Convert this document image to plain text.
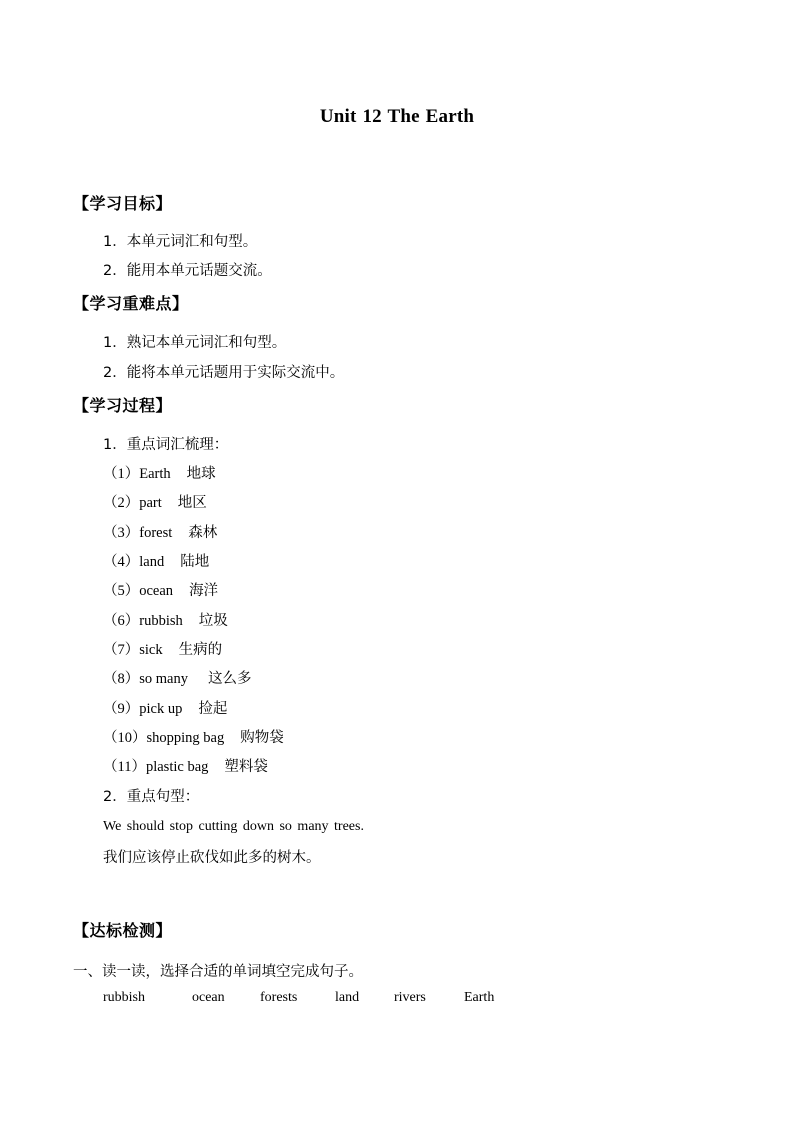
Unit 12 The Earth
【学习目标】
1．本单元词汇和句型。
2．能用本单元话题交流。
【学习重难点】
1．熟记本单元词汇和句型。
2．能将本单元话题用于实际交流中。
【学习过程】
1．重点词汇梳理：
（1）Earth 地球
（2）part 地区
（3）forest 森林
（4）land 陆地
（5）ocean 海洋
（6）rubbish 垃圾
（7）sick 生病的
（8）so many 这么多
（9）pick up 捡起
（10）shopping bag 购物袋
（11）plastic bag 塑料袋
2．重点句型：
We should stop cutting down so many trees.
我们应该停止砍伐如此多的树木。
【达标检测】
一、读一读，选择合适的单词填空完成句子。
rubbish	ocean	forests	land rivers	Earth
